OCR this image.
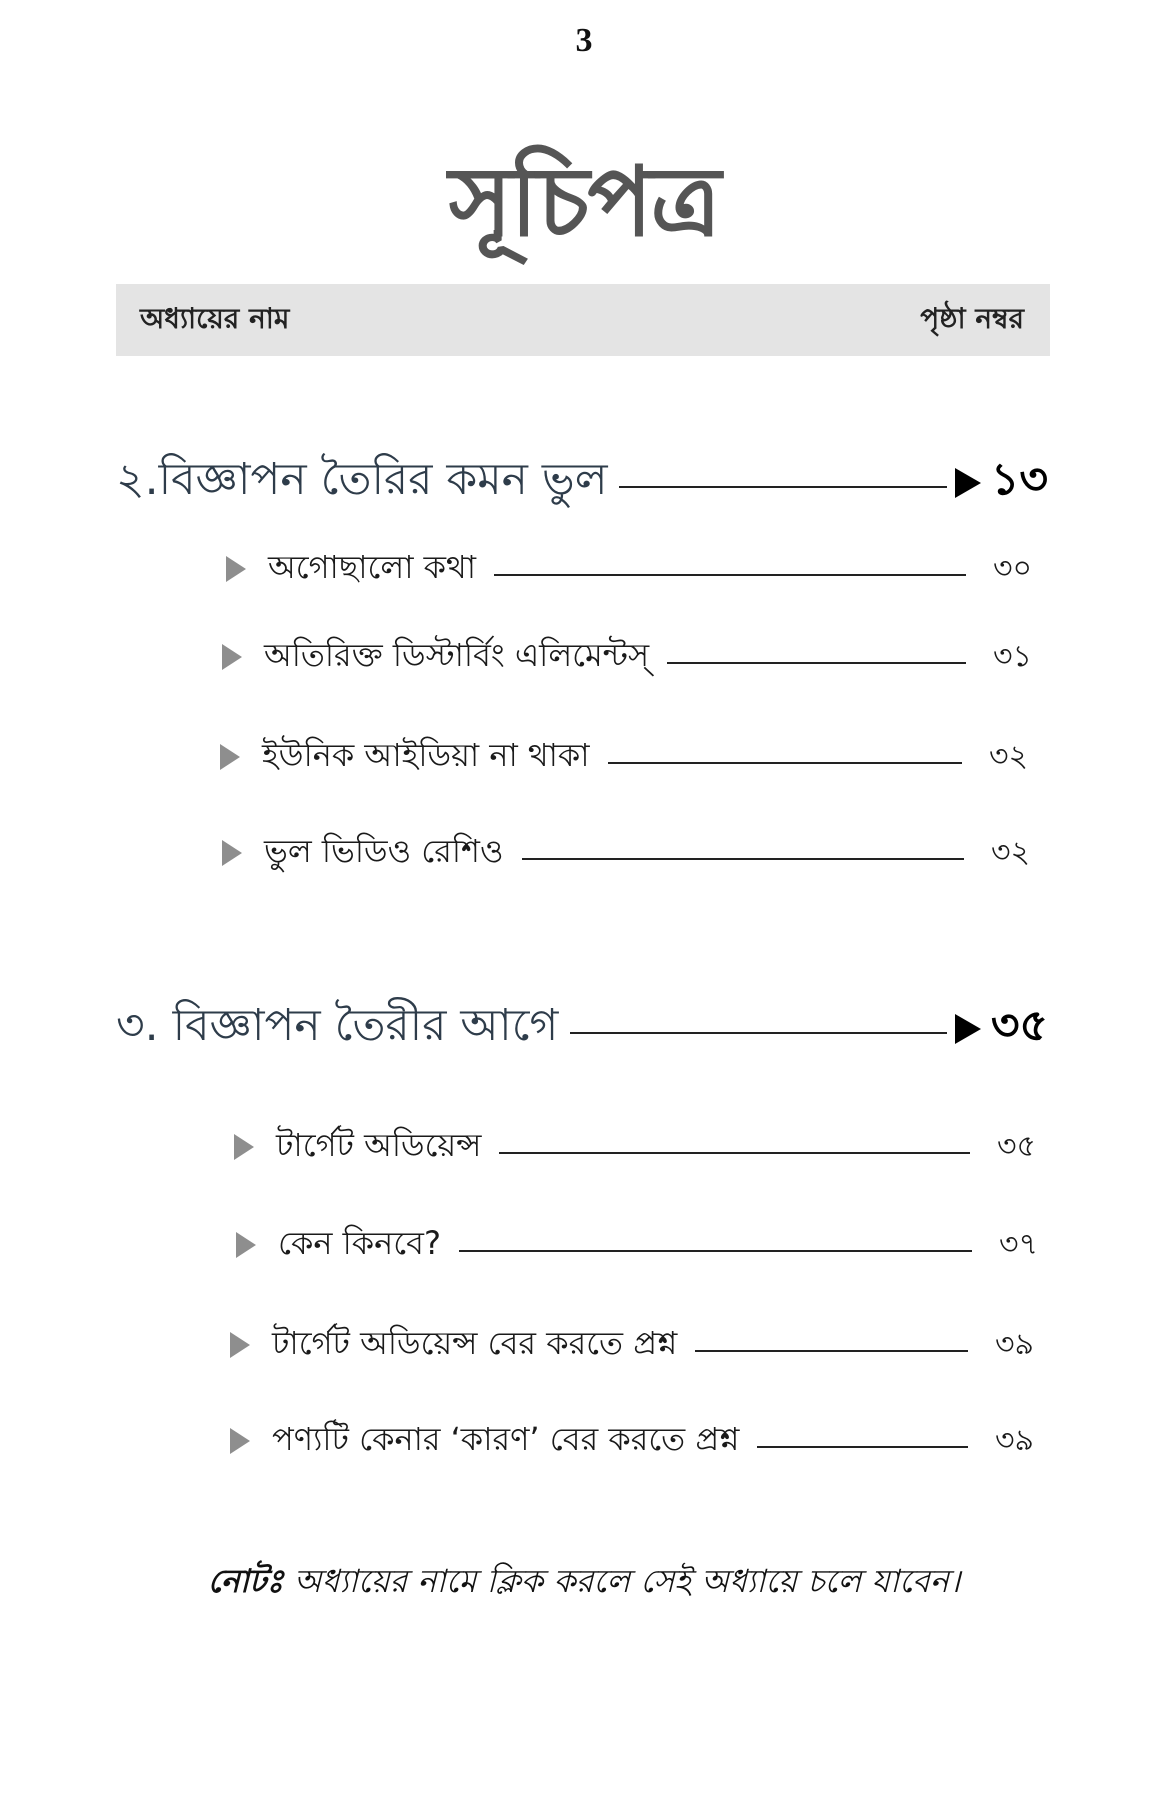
3
সূচিপত্র
অধ্যায়ের নাম	পৃষ্ঠা নম্বর
২.বিজ্ঞাপন তৈরির কমন ভুল	১৩
অগোছালো কথা	৩০
অতিরিক্ত ডিস্টার্বিং এলিমেন্টস্	৩১
ইউনিক আইডিয়া না থাকা	৩২
ভুল ভিডিও রেশিও	৩২
৩. বিজ্ঞাপন তৈরীর আগে	৩৫
টার্গেট অডিয়েন্স	৩৫
কেন কিনবে?	৩৭
টার্গেট অডিয়েন্স বের করতে প্রশ্ন	৩৯
পণ্যটি কেনার ‘কারণ’ বের করতে প্রশ্ন	৩৯
নোটঃ অধ্যায়ের নামে ক্লিক করলে সেই অধ্যায়ে চলে যাবেন।
